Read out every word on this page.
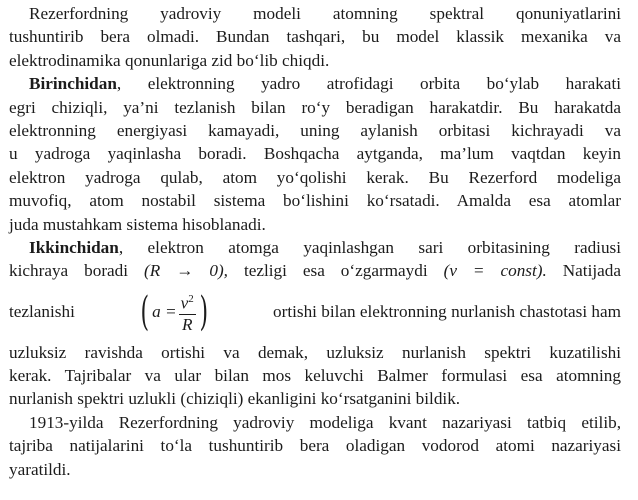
Rezerfordning yadroviy modeli atomning spektral qonuniyatlarini
tushuntirib bera olmadi. Bundan tashqari, bu model klassik mexanika va
elektrodinamika qonunlariga zid bo‘lib chiqdi.
Birinchidan, elektronning yadro atrofidagi orbita bo‘ylab harakati
egri chiziqli, ya’ni tezlanish bilan ro‘y beradigan harakatdir. Bu harakatda
elektronning energiyasi kamayadi, uning aylanish orbitasi kichrayadi va
u yadroga yaqinlasha boradi. Boshqacha aytganda, ma’lum vaqtdan keyin
elektron yadroga qulab, atom yo‘qolishi kerak. Bu Rezerford modeliga
muvofiq, atom nostabil sistema bo‘lishini ko‘rsatadi. Amalda esa atomlar
juda mustahkam sistema hisoblanadi.
Ikkinchidan, elektron atomga yaqinlashgan sari orbitasining radiusi
kichraya boradi (R → 0), tezligi esa o‘zgarmaydi (v = const). Natijada
tezlanishi ( $a = \frac{v^2}{R}$ )	ortishi bilan elektronning nurlanish chastotasi ham
uzluksiz ravishda ortishi va demak, uzluksiz nurlanish spektri kuzatilishi
kerak. Tajribalar va ular bilan mos keluvchi Balmer formulasi esa atomning
nurlanish spektri uzlukli (chiziqli) ekanligini ko‘rsatganini bildik.
1913-yilda Rezerfordning yadroviy modeliga kvant nazariyasi tatbiq etilib,
tajriba natijalarini to‘la tushuntirib bera oladigan vodorod atomi nazariyasi
yaratildi.
